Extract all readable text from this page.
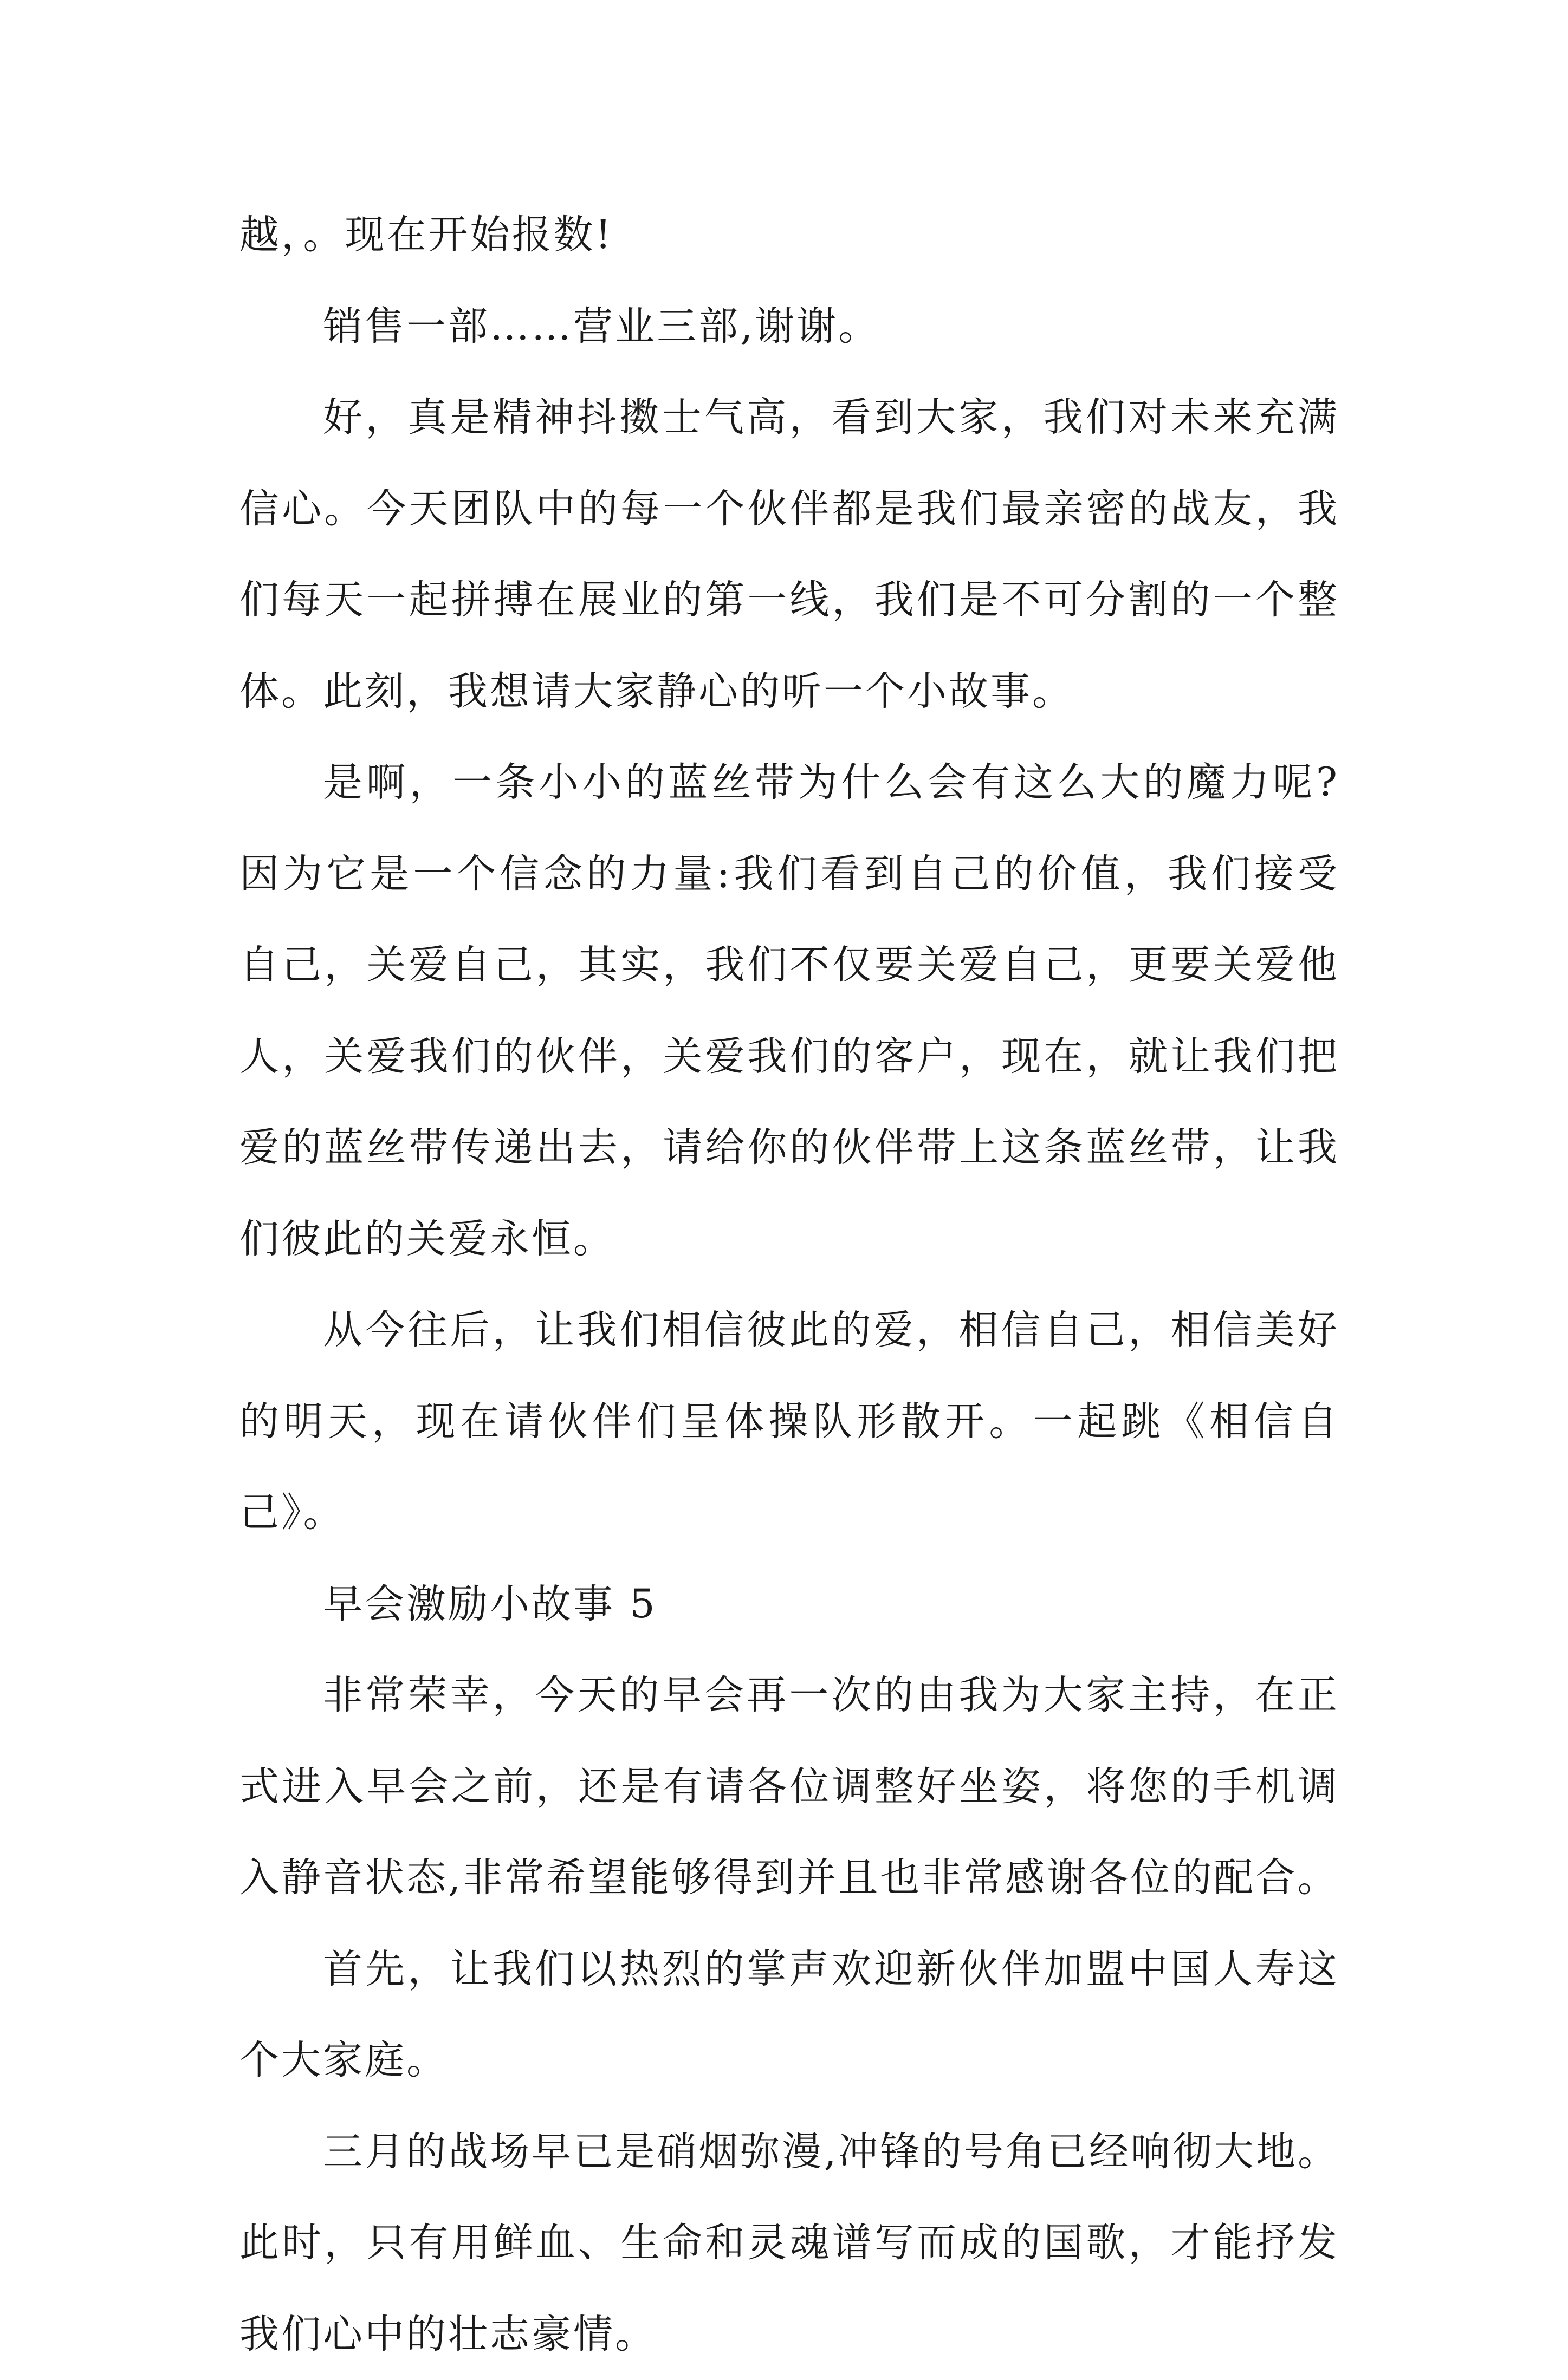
越，。现在开始报数!

销售一部……营业三部,谢谢。

好，真是精神抖擞士气高，看到大家，我们对未来充满信心。今天团队中的每一个伙伴都是我们最亲密的战友，我们每天一起拼搏在展业的第一线，我们是不可分割的一个整体。此刻，我想请大家静心的听一个小故事。

是啊，一条小小的蓝丝带为什么会有这么大的魔力呢?因为它是一个信念的力量:我们看到自己的价值，我们接受自己，关爱自己，其实，我们不仅要关爱自己，更要关爱他人，关爱我们的伙伴，关爱我们的客户，现在，就让我们把爱的蓝丝带传递出去，请给你的伙伴带上这条蓝丝带，让我们彼此的关爱永恒。

从今往后，让我们相信彼此的爱，相信自己，相信美好的明天，现在请伙伴们呈体操队形散开。一起跳《相信自己》。

早会激励小故事 5

非常荣幸，今天的早会再一次的由我为大家主持，在正式进入早会之前，还是有请各位调整好坐姿，将您的手机调入静音状态,非常希望能够得到并且也非常感谢各位的配合。

首先，让我们以热烈的掌声欢迎新伙伴加盟中国人寿这个大家庭。

三月的战场早已是硝烟弥漫,冲锋的号角已经响彻大地。此时，只有用鲜血、生命和灵魂谱写而成的国歌，才能抒发我们心中的壮志豪情。
